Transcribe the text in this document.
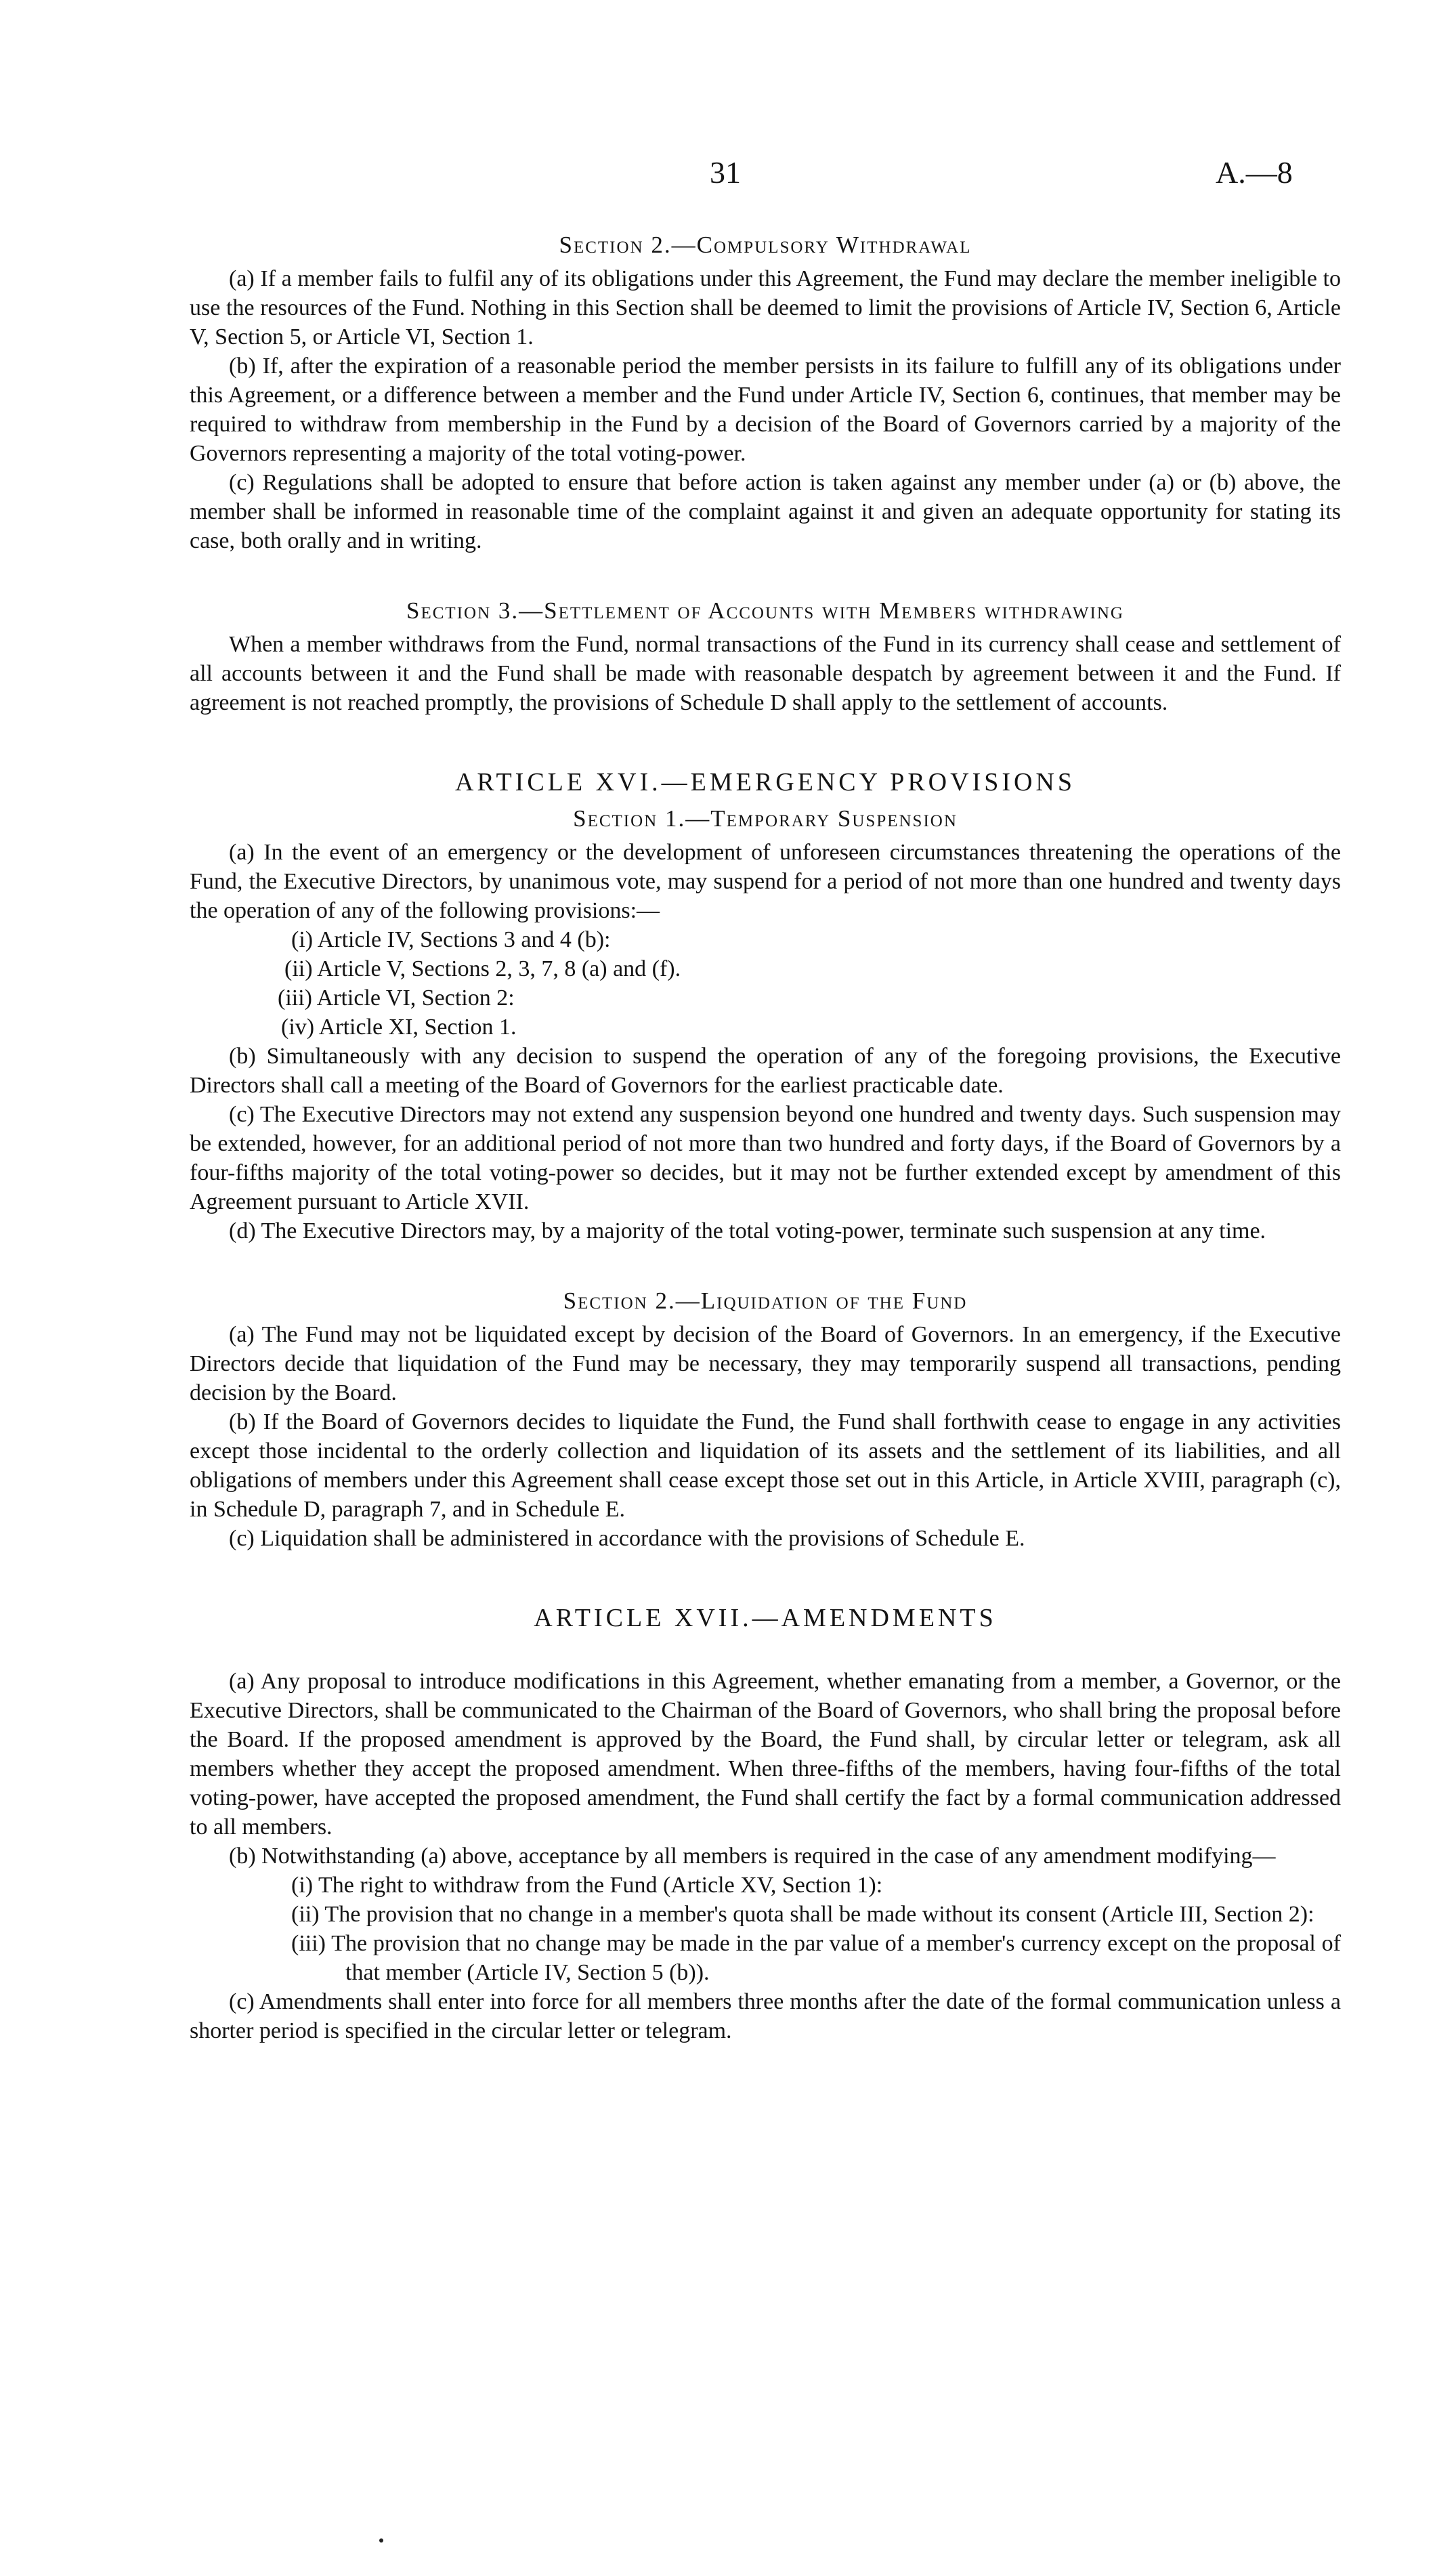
31	A.—8
Section 2.—Compulsory Withdrawal

(a) If a member fails to fulfil any of its obligations under this Agreement, the Fund may declare the member ineligible to use the resources of the Fund. Nothing in this Section shall be deemed to limit the provisions of Article IV, Section 6, Article V, Section 5, or Article VI, Section 1.

(b) If, after the expiration of a reasonable period the member persists in its failure to fulfill any of its obligations under this Agreement, or a difference between a member and the Fund under Article IV, Section 6, continues, that member may be required to withdraw from membership in the Fund by a decision of the Board of Governors carried by a majority of the Governors representing a majority of the total voting-power.

(c) Regulations shall be adopted to ensure that before action is taken against any member under (a) or (b) above, the member shall be informed in reasonable time of the complaint against it and given an adequate opportunity for stating its case, both orally and in writing.

Section 3.—Settlement of Accounts with Members withdrawing

When a member withdraws from the Fund, normal transactions of the Fund in its currency shall cease and settlement of all accounts between it and the Fund shall be made with reasonable despatch by agreement between it and the Fund. If agreement is not reached promptly, the provisions of Schedule D shall apply to the settlement of accounts.

ARTICLE XVI.—EMERGENCY PROVISIONS
Section 1.—Temporary Suspension

(a) In the event of an emergency or the development of unforeseen circumstances threatening the operations of the Fund, the Executive Directors, by unanimous vote, may suspend for a period of not more than one hundred and twenty days the operation of any of the following provisions:—

(i) Article IV, Sections 3 and 4 (b):

(ii) Article V, Sections 2, 3, 7, 8 (a) and (f).

(iii) Article VI, Section 2:

(iv) Article XI, Section 1.

(b) Simultaneously with any decision to suspend the operation of any of the foregoing provisions, the Executive Directors shall call a meeting of the Board of Governors for the earliest practicable date.

(c) The Executive Directors may not extend any suspension beyond one hundred and twenty days. Such suspension may be extended, however, for an additional period of not more than two hundred and forty days, if the Board of Governors by a four-fifths majority of the total voting-power so decides, but it may not be further extended except by amendment of this Agreement pursuant to Article XVII.

(d) The Executive Directors may, by a majority of the total voting-power, terminate such suspension at any time.

Section 2.—Liquidation of the Fund

(a) The Fund may not be liquidated except by decision of the Board of Governors. In an emergency, if the Executive Directors decide that liquidation of the Fund may be necessary, they may temporarily suspend all transactions, pending decision by the Board.

(b) If the Board of Governors decides to liquidate the Fund, the Fund shall forthwith cease to engage in any activities except those incidental to the orderly collection and liquidation of its assets and the settlement of its liabilities, and all obligations of members under this Agreement shall cease except those set out in this Article, in Article XVIII, paragraph (c), in Schedule D, paragraph 7, and in Schedule E.

(c) Liquidation shall be administered in accordance with the provisions of Schedule E.

ARTICLE XVII.—AMENDMENTS

(a) Any proposal to introduce modifications in this Agreement, whether emanating from a member, a Governor, or the Executive Directors, shall be communicated to the Chairman of the Board of Governors, who shall bring the proposal before the Board. If the proposed amendment is approved by the Board, the Fund shall, by circular letter or telegram, ask all members whether they accept the proposed amendment. When three-fifths of the members, having four-fifths of the total voting-power, have accepted the proposed amendment, the Fund shall certify the fact by a formal communication addressed to all members.

(b) Notwithstanding (a) above, acceptance by all members is required in the case of any amendment modifying—

(i) The right to withdraw from the Fund (Article XV, Section 1):

(ii) The provision that no change in a member's quota shall be made without its consent (Article III, Section 2):

(iii) The provision that no change may be made in the par value of a member's currency except on the proposal of that member (Article IV, Section 5 (b)).

(c) Amendments shall enter into force for all members three months after the date of the formal communication unless a shorter period is specified in the circular letter or telegram.
